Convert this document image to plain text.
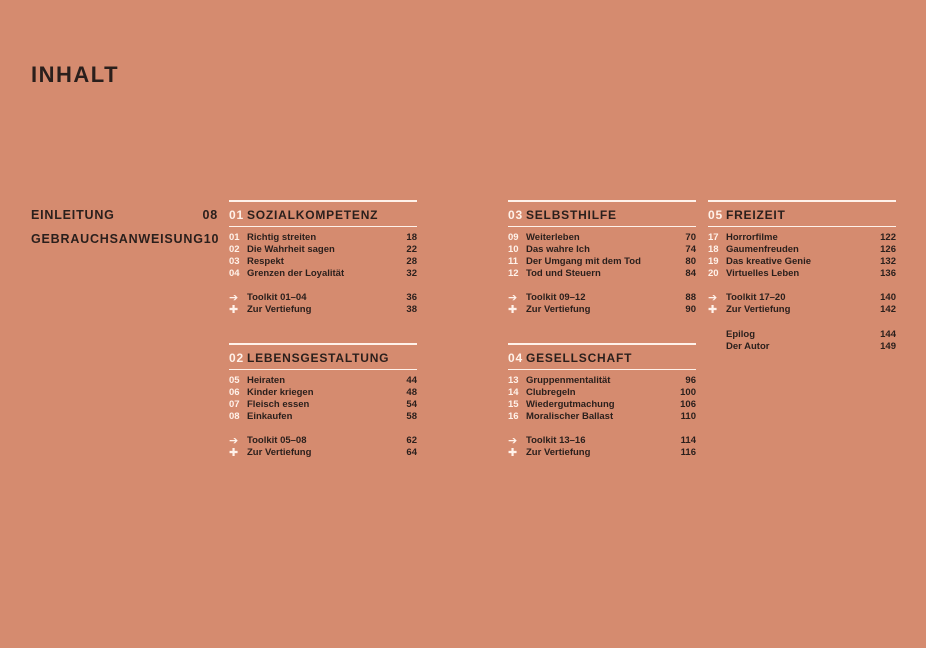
INHALT
EINLEITUNG	08
GEBRAUCHSANWEISUNG 10
01 SOZIALKOMPETENZ
01 Richtig streiten	18
02 Die Wahrheit sagen	22
03 Respekt	28
04 Grenzen der Loyalität	32
➔ Toolkit 01–04	36
✚ Zur Vertiefung	38
02 LEBENSGESTALTUNG
05 Heiraten	44
06 Kinder kriegen	48
07 Fleisch essen	54
08 Einkaufen	58
➔ Toolkit 05–08	62
✚ Zur Vertiefung	64
03 SELBSTHILFE
09 Weiterleben	70
10 Das wahre Ich	74
11 Der Umgang mit dem Tod	80
12 Tod und Steuern	84
➔ Toolkit 09–12	88
✚ Zur Vertiefung	90
04 GESELLSCHAFT
13 Gruppenmentalität	96
14 Clubregeln	100
15 Wiedergutmachung	106
16 Moralischer Ballast	110
➔ Toolkit 13–16	114
✚ Zur Vertiefung	116
05 FREIZEIT
17 Horrorfilme	122
18 Gaumenfreuden	126
19 Das kreative Genie	132
20 Virtuelles Leben	136
➔ Toolkit 17–20	140
✚ Zur Vertiefung	142
Epilog	144
Der Autor	149
